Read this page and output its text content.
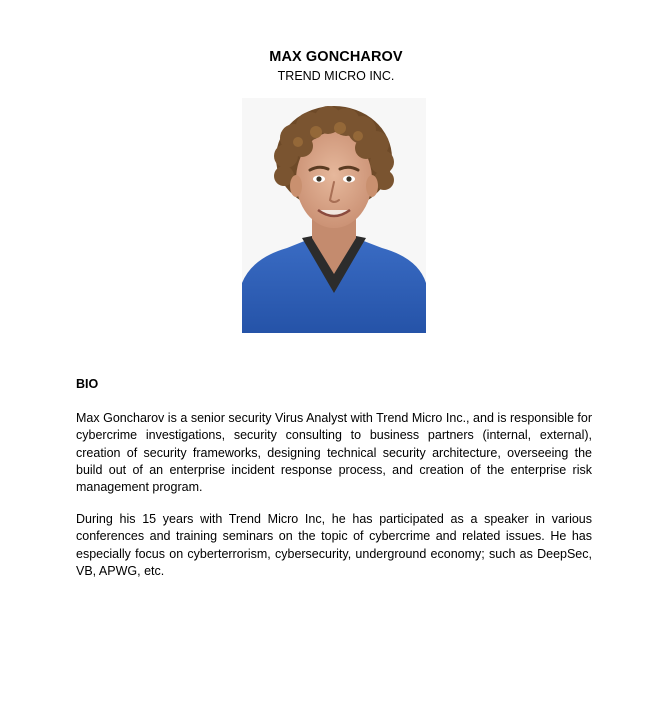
MAX GONCHAROV
TREND MICRO INC.
BIO

Max Goncharov is a senior security Virus Analyst with Trend Micro Inc., and is responsible for cybercrime investigations, security consulting to business partners (internal, external), creation of security frameworks, designing technical security architecture, overseeing the build out of an enterprise incident response process, and creation of the enterprise risk management program.

During his 15 years with Trend Micro Inc, he has participated as a speaker in various conferences and training seminars on the topic of cybercrime and related issues. He has especially focus on cyberterrorism, cybersecurity, underground economy; such as DeepSec, VB, APWG, etc.
